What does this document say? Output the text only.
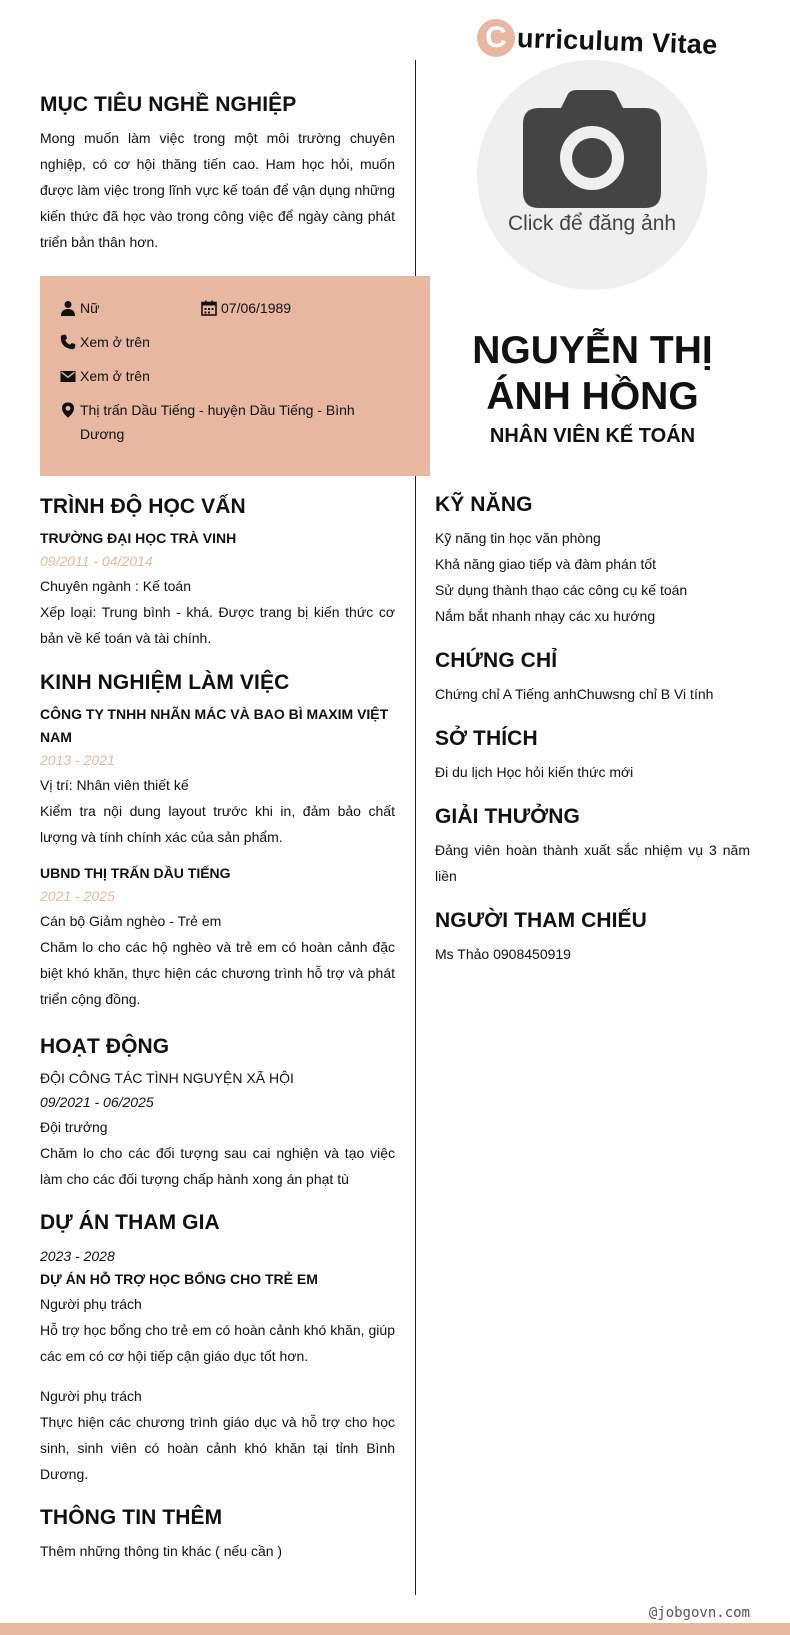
C urriculum Vitae
Click để đăng ảnh
NGUYỄN THỊ ÁNH HỒNG
NHÂN VIÊN KẾ TOÁN
MỤC TIÊU NGHỀ NGHIỆP

Mong muốn làm việc trong một môi trường chuyên nghiệp, có cơ hội thăng tiến cao. Ham học hỏi, muốn được làm việc trong lĩnh vực kế toán để vận dụng những kiến thức đã học vào trong công việc để ngày càng phát triển bản thân hơn.

Nữ	07/06/1989
Xem ở trên
Xem ở trên
Thị trấn Dầu Tiếng - huyện Dầu Tiếng - Bình Dương
TRÌNH ĐỘ HỌC VẤN
TRƯỜNG ĐẠI HỌC TRÀ VINH
09/2011 - 04/2014
Chuyên ngành : Kế toán

Xếp loại: Trung bình - khá. Được trang bị kiến thức cơ bản về kế toán và tài chính.

KINH NGHIỆM LÀM VIỆC
CÔNG TY TNHH NHÃN MÁC VÀ BAO BÌ MAXIM VIỆT NAM
2013 - 2021
Vị trí: Nhân viên thiết kế

Kiểm tra nội dung layout trước khi in, đảm bảo chất lượng và tính chính xác của sản phẩm.

UBND THỊ TRẤN DẦU TIẾNG
2021 - 2025
Cán bộ Giảm nghèo - Trẻ em

Chăm lo cho các hộ nghèo và trẻ em có hoàn cảnh đặc biệt khó khăn, thực hiện các chương trình hỗ trợ và phát triển cộng đồng.

HOẠT ĐỘNG
ĐỘI CÔNG TÁC TÌNH NGUYỆN XÃ HỘI
09/2021 - 06/2025
Đội trưởng

Chăm lo cho các đối tượng sau cai nghiện và tạo việc làm cho các đối tượng chấp hành xong án phạt tù

DỰ ÁN THAM GIA
2023 - 2028
DỰ ÁN HỖ TRỢ HỌC BỔNG CHO TRẺ EM
Người phụ trách

Hỗ trợ học bổng cho trẻ em có hoàn cảnh khó khăn, giúp các em có cơ hội tiếp cận giáo dục tốt hơn.

Người phụ trách

Thực hiện các chương trình giáo dục và hỗ trợ cho học sinh, sinh viên có hoàn cảnh khó khăn tại tỉnh Bình Dương.

THÔNG TIN THÊM
Thêm những thông tin khác ( nếu cần )
KỸ NĂNG
Kỹ năng tin học văn phòng
Khả năng giao tiếp và đàm phán tốt
Sử dụng thành thạo các công cụ kế toán
Nắm bắt nhanh nhạy các xu hướng
CHỨNG CHỈ
Chứng chỉ A Tiếng anhChuwsng chỉ B Vi tính
SỞ THÍCH
Đi du lịch Học hỏi kiến thức mới
GIẢI THƯỞNG

Đảng viên hoàn thành xuất sắc nhiệm vụ 3 năm liền

NGƯỜI THAM CHIẾU
Ms Thảo 0908450919
@jobgovn.com
